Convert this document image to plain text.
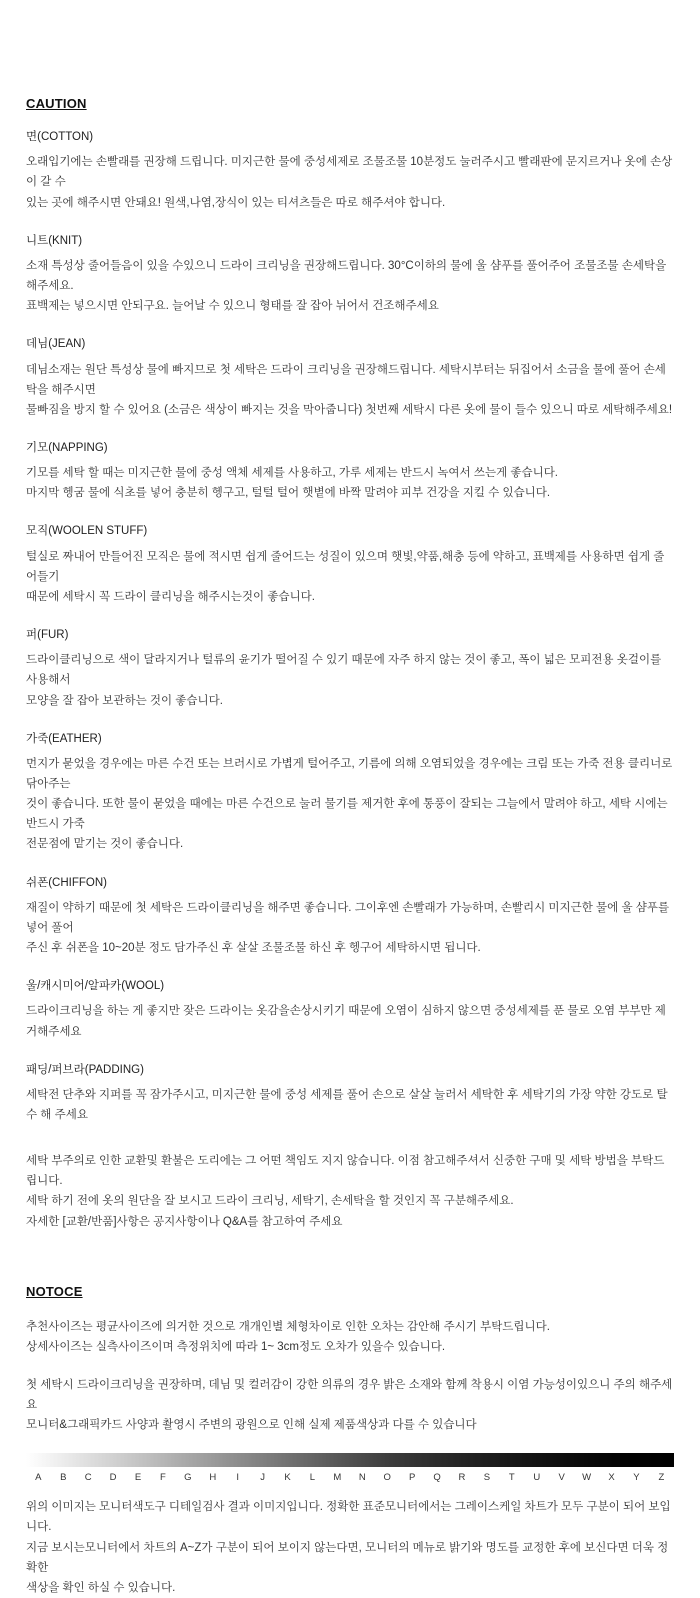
CAUTION
면(COTTON)

오래입기에는 손빨래를 권장해 드립니다. 미지근한 물에 중성세제로 조물조물 10분정도 눌러주시고 빨래판에 문지르거나 옷에 손상이 갈 수

있는 곳에 해주시면 안돼요! 원색,나염,장식이 있는 티셔츠들은 따로 해주셔야 합니다.

니트(KNIT)

소재 특성상 줄어들음이 있을 수있으니 드라이 크리닝을 권장해드립니다. 30°C이하의 물에 울 샴푸를 풀어주어 조물조물 손세탁을 해주세요.

표백제는 넣으시면 안되구요. 늘어날 수 있으니 형태를 잘 잡아 뉘어서 건조해주세요

데님(JEAN)

데님소재는 원단 특성상 물에 빠지므로 첫 세탁은 드라이 크리닝을 권장해드립니다. 세탁시부터는 뒤집어서 소금을 물에 풀어 손세탁을 해주시면

물빠짐을 방지 할 수 있어요 (소금은 색상이 빠지는 것을 막아줍니다) 첫번째 세탁시 다른 옷에 물이 들수 있으니 따로 세탁해주세요!

기모(NAPPING)

기모를 세탁 할 때는 미지근한 물에 중성 액체 세제를 사용하고, 가루 세제는 반드시 녹여서 쓰는게 좋습니다.

마지막 헹굼 물에 식초를 넣어 충분히 헹구고, 털털 털어 햇볕에 바짝 말려야 피부 건강을 지킬 수 있습니다.

모직(WOOLEN STUFF)

털실로 짜내어 만들어진 모직은 물에 적시면 쉽게 줄어드는 성질이 있으며 햇빛,약품,해충 등에 약하고, 표백제를 사용하면 쉽게 줄어들기

때문에 세탁시 꼭 드라이 클리닝을 해주시는것이 좋습니다.

퍼(FUR)

드라이클리닝으로 색이 달라지거나 털류의 윤기가 떨어질 수 있기 때문에 자주 하지 않는 것이 좋고, 폭이 넓은 모피전용 옷걸이를 사용해서

모양을 잘 잡아 보관하는 것이 좋습니다.

가죽(EATHER)

먼지가 묻었을 경우에는 마른 수건 또는 브러시로 가볍게 털어주고, 기름에 의해 오염되었을 경우에는 크림 또는 가죽 전용 클리너로 닦아주는

것이 좋습니다. 또한 물이 묻었을 때에는 마른 수건으로 눌러 물기를 제거한 후에 통풍이 잘되는 그늘에서 말려야 하고, 세탁 시에는 반드시 가죽

전문점에 맡기는 것이 좋습니다.

쉬폰(CHIFFON)

재질이 약하기 때문에 첫 세탁은 드라이클리닝을 해주면 좋습니다. 그이후엔 손빨래가 가능하며, 손빨리시 미지근한 물에 울 샴푸를 넣어 풀어

주신 후 쉬폰을 10~20분 정도 담가주신 후 살살 조물조물 하신 후 헹구어 세탁하시면 됩니다.

울/캐시미어/알파카(WOOL)

드라이크리닝을 하는 게 좋지만 잦은 드라이는 옷감을손상시키기 때문에 오염이 심하지 않으면 중성세제를 푼 물로 오염 부부만 제거해주세요

패딩/퍼브라(PADDING)

세탁전 단추와 지퍼를 꼭 잠가주시고, 미지근한 물에 중성 세제를 풀어 손으로 살살 눌러서 세탁한 후 세탁기의 가장 약한 강도로 탈수 해 주세요

세탁 부주의로 인한 교환및 환불은 도리에는 그 어떤 책임도 지지 않습니다. 이점 참고해주셔서 신중한 구매 및 세탁 방법을 부탁드립니다.

세탁 하기 전에 옷의 원단을 잘 보시고 드라이 크리닝, 세탁기, 손세탁을 할 것인지 꼭 구분해주세요.

자세한 [교환/반품]사항은 공지사항이나 Q&A를 참고하여 주세요

NOTOCE

추천사이즈는 평균사이즈에 의거한 것으로 개개인별 체형차이로 인한 오차는 감안해 주시기 부탁드립니다.

상세사이즈는 실측사이즈이며 측정위치에 따라 1~ 3cm정도 오차가 있을수 있습니다.

첫 세탁시 드라이크리닝을 권장하며, 데님 및 컬러감이 강한 의류의 경우 밝은 소재와 함께 착용시 이염 가능성이있으니 주의 해주세요

모니터&그래픽카드 사양과 촬영시 주변의 광원으로 인해 실제 제품색상과 다를 수 있습니다

A	B	C	D	E	F	G	H	I	J	K	L	M	N	O	P	Q	R	S	T	U	V	W	X	Y	Z

위의 이미지는 모니터색도구 디테일검사 결과 이미지입니다. 정확한 표준모니터에서는 그레이스케일 차트가 모두 구분이 되어 보입니다.

지금 보시는모니터에서 차트의 A~Z가 구분이 되어 보이지 않는다면, 모니터의 메뉴로 밝기와 명도를 교정한 후에 보신다면 더욱 정확한

색상을 확인 하실 수 있습니다.
